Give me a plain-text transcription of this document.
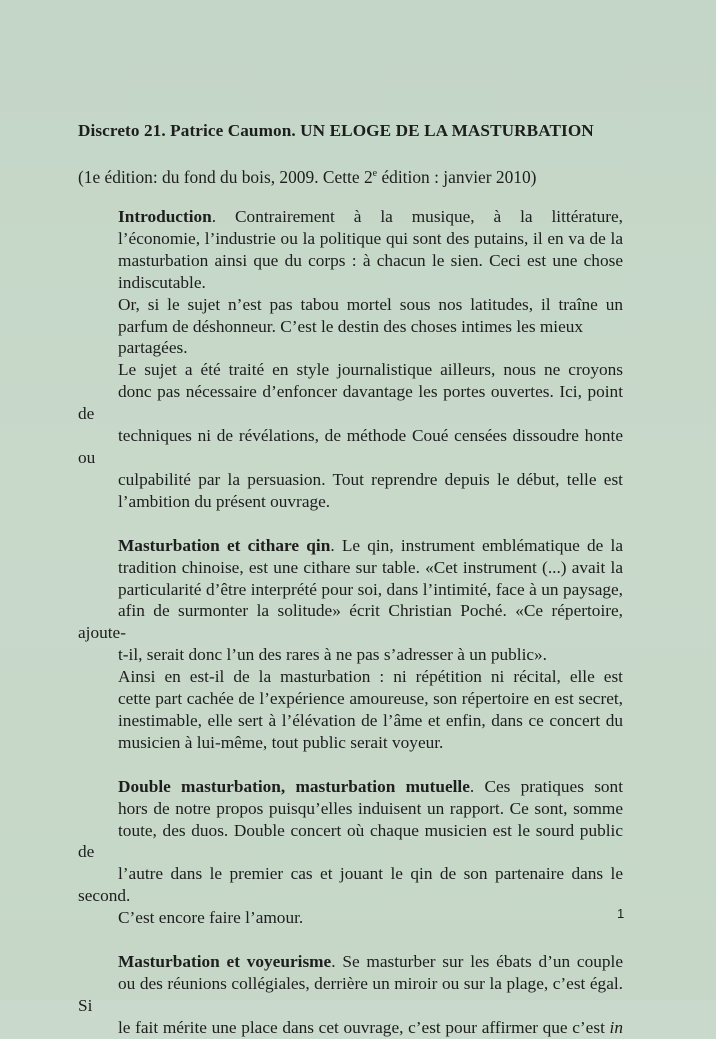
Discreto 21. Patrice Caumon. UN ELOGE DE LA MASTURBATION
(1e édition: du fond du bois, 2009. Cette 2e édition : janvier 2010)

Introduction. Contrairement à la musique, à la littérature,
l’économie, l’industrie ou la politique qui sont des putains, il en va de la
masturbation ainsi que du corps : à chacun le sien. Ceci est une chose
indiscutable.

Or, si le sujet n’est pas tabou mortel sous nos latitudes, il traîne un
parfum de déshonneur. C’est le destin des choses intimes les mieux
partagées.

Le sujet a été traité en style journalistique ailleurs, nous ne croyons
donc pas nécessaire d’enfoncer davantage les portes ouvertes. Ici, point de
techniques ni de révélations, de méthode Coué censées dissoudre honte ou
culpabilité par la persuasion. Tout reprendre depuis le début, telle est
l’ambition du présent ouvrage.

Masturbation et cithare qin. Le qin, instrument emblématique de la
tradition chinoise, est une cithare sur table. «Cet instrument (...) avait la
particularité d’être interprété pour soi, dans l’intimité, face à un paysage,
afin de surmonter la solitude» écrit Christian Poché. «Ce répertoire, ajoute-
t-il, serait donc l’un des rares à ne pas s’adresser à un public».

Ainsi en est-il de la masturbation : ni répétition ni récital, elle est
cette part cachée de l’expérience amoureuse, son répertoire en est secret,
inestimable, elle sert à l’élévation de l’âme et enfin, dans ce concert du
musicien à lui-même, tout public serait voyeur.

Double masturbation, masturbation mutuelle. Ces pratiques sont
hors de notre propos puisqu’elles induisent un rapport. Ce sont, somme
toute, des duos. Double concert où chaque musicien est le sourd public de
l’autre dans le premier cas et jouant le qin de son partenaire dans le second.
C’est encore faire l’amour.

Masturbation et voyeurisme. Se masturber sur les ébats d’un couple
ou des réunions collégiales, derrière un miroir ou sur la plage, c’est égal. Si
le fait mérite une place dans cet ouvrage, c’est pour affirmer que c’est in

1
